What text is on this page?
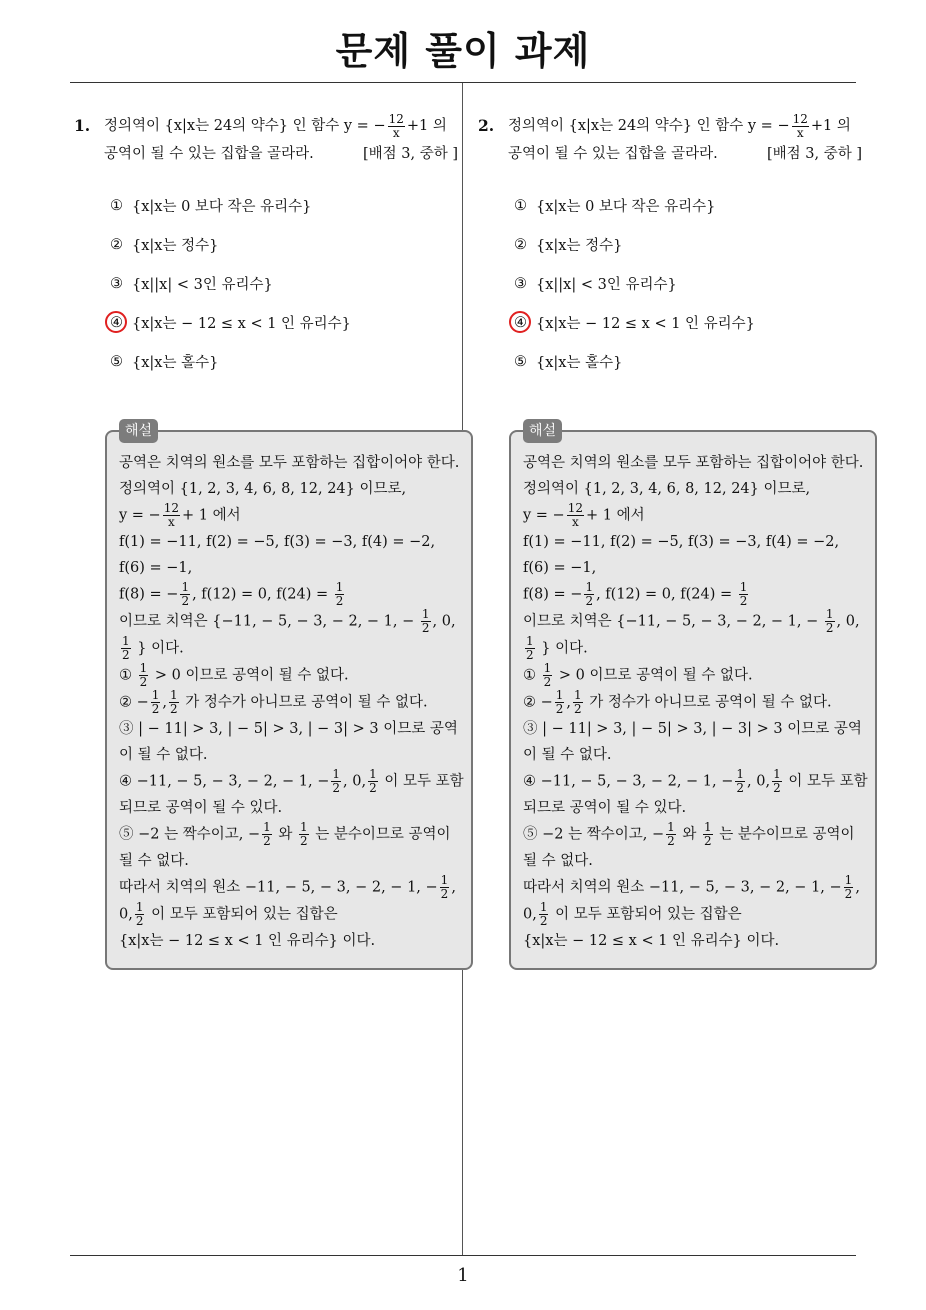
문제 풀이 과제
1. 정의역이 {x|x는 24의 약수} 인 함수 y = − $\frac{12}{x} +1$ 의
공역이 될 수 있는 집합을 골라라.	[배점 3, 중하 ]
① {x|x는 0 보다 작은 유리수}
② {x|x는 정수}
③ {x||x| < 3인 유리수}
④ {x|x는 − 12 ≤ x < 1 인 유리수}
⑤ {x|x는 홀수}
2. 정의역이 {x|x는 24의 약수} 인 함수 y = − $\frac{12}{x} +1$ 의
공역이 될 수 있는 집합을 골라라.	[배점 3, 중하 ]
① {x|x는 0 보다 작은 유리수}
② {x|x는 정수}
③ {x||x| < 3인 유리수}
④ {x|x는 − 12 ≤ x < 1 인 유리수}
⑤ {x|x는 홀수}
해설

공역은 치역의 원소를 모두 포함하는 집합이어야 한다.

정의역이 {1, 2, 3, 4, 6, 8, 12, 24} 이므로,

y = − $\frac{12}{x} + 1$ 에서

f(1) = −11, f(2) = −5, f(3) = −3, f(4) = −2, f(6) = −1,

f(8) = − $\frac{1}{2}$ , f(12) = 0, $f(24) = \frac{1}{2}$

이므로 치역은 {−11, − 5, − 3, − 2, − 1, − $\frac{1}{2}$ , 0,
$\frac{1}{2}$ } 이다.

① $\frac{1}{2} > 0$ 이므로 공역이 될 수 없다.

② − $\frac{1}{2}$ , $\frac{1}{2}$ 가 정수가 아니므로 공역이 될 수 없다.

③ | − 11| > 3, | − 5| > 3, | − 3| > 3 이므로 공역이 될 수 없다.

④ −11, − 5, − 3, − 2, − 1, − $\frac{1}{2}$ , 0, $\frac{1}{2}$ 이 모두 포함되므로 공역이 될 수 있다.

⑤ −2 는 짝수이고, − $\frac{1}{2}$ 와 $\frac{1}{2}$ 는 분수이므로 공역이 될 수 없다.

따라서 치역의 원소 −11, − 5, − 3, − 2, − 1, − $\frac{1}{2}$ , 0, $\frac{1}{2}$ 이 모두 포함되어 있는 집합은

{x|x는 − 12 ≤ x < 1 인 유리수} 이다.

해설

공역은 치역의 원소를 모두 포함하는 집합이어야 한다.

정의역이 {1, 2, 3, 4, 6, 8, 12, 24} 이므로,

y = − $\frac{12}{x} + 1$ 에서

f(1) = −11, f(2) = −5, f(3) = −3, f(4) = −2, f(6) = −1,

f(8) = − $\frac{1}{2}$ , f(12) = 0, $f(24) = \frac{1}{2}$

이므로 치역은 {−11, − 5, − 3, − 2, − 1, − $\frac{1}{2}$ , 0,
$\frac{1}{2}$ } 이다.

① $\frac{1}{2} > 0$ 이므로 공역이 될 수 없다.

② − $\frac{1}{2}$ , $\frac{1}{2}$ 가 정수가 아니므로 공역이 될 수 없다.

③ | − 11| > 3, | − 5| > 3, | − 3| > 3 이므로 공역이 될 수 없다.

④ −11, − 5, − 3, − 2, − 1, − $\frac{1}{2}$ , 0, $\frac{1}{2}$ 이 모두 포함되므로 공역이 될 수 있다.

⑤ −2 는 짝수이고, − $\frac{1}{2}$ 와 $\frac{1}{2}$ 는 분수이므로 공역이 될 수 없다.

따라서 치역의 원소 −11, − 5, − 3, − 2, − 1, − $\frac{1}{2}$ , 0, $\frac{1}{2}$ 이 모두 포함되어 있는 집합은

{x|x는 − 12 ≤ x < 1 인 유리수} 이다.

1
